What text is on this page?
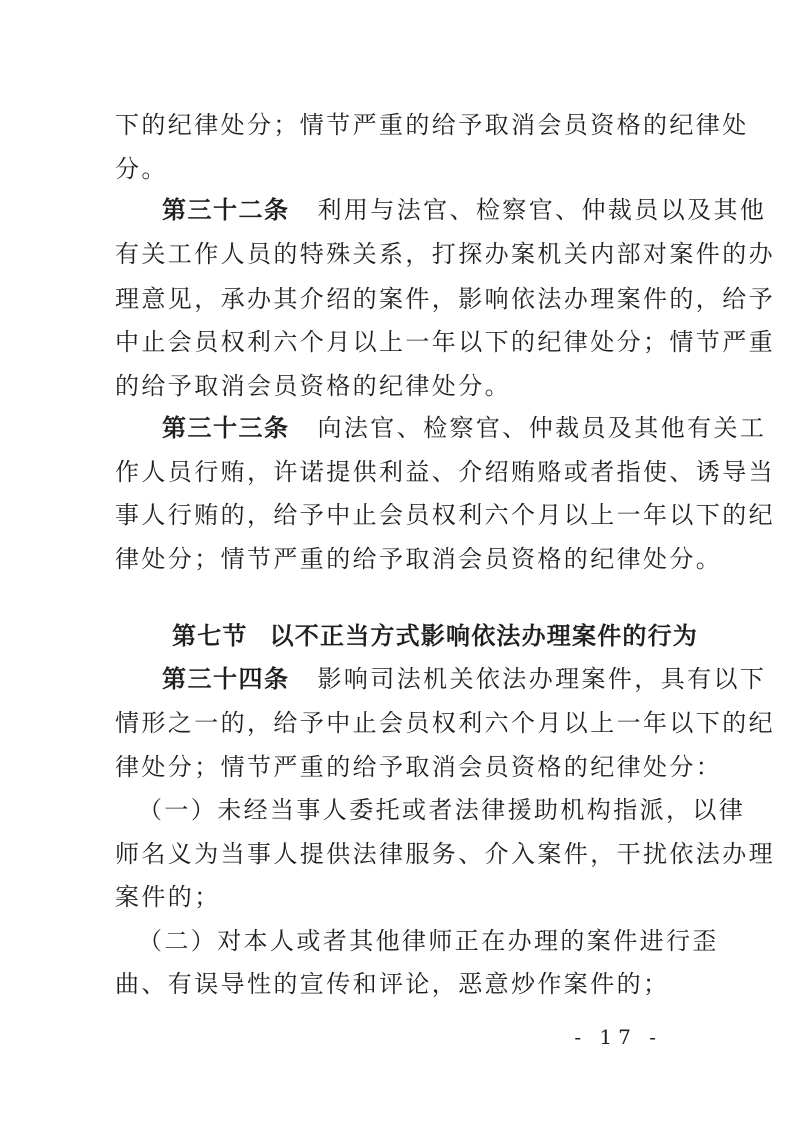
下的纪律处分；情节严重的给予取消会员资格的纪律处
分。
第三十二条 利用与法官、检察官、仲裁员以及其他
有关工作人员的特殊关系，打探办案机关内部对案件的办
理意见，承办其介绍的案件，影响依法办理案件的，给予
中止会员权利六个月以上一年以下的纪律处分；情节严重
的给予取消会员资格的纪律处分。
第三十三条 向法官、检察官、仲裁员及其他有关工
作人员行贿，许诺提供利益、介绍贿赂或者指使、诱导当
事人行贿的，给予中止会员权利六个月以上一年以下的纪
律处分；情节严重的给予取消会员资格的纪律处分。
第七节 以不正当方式影响依法办理案件的行为
第三十四条 影响司法机关依法办理案件，具有以下
情形之一的，给予中止会员权利六个月以上一年以下的纪
律处分；情节严重的给予取消会员资格的纪律处分：
（一）未经当事人委托或者法律援助机构指派，以律
师名义为当事人提供法律服务、介入案件，干扰依法办理
案件的；
（二）对本人或者其他律师正在办理的案件进行歪
曲、有误导性的宣传和评论，恶意炒作案件的；
- 17 -
